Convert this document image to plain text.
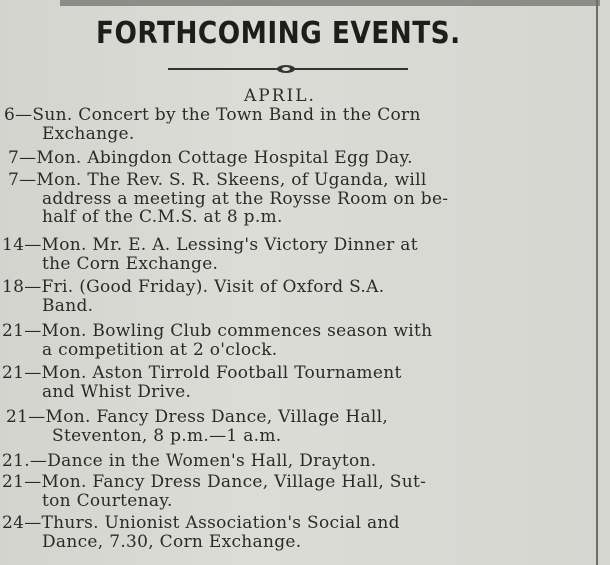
FORTHCOMING EVENTS.
APRIL.
6—Sun. Concert by the Town Band in the Corn
Exchange.
7—Mon. Abingdon Cottage Hospital Egg Day.
7—Mon. The Rev. S. R. Skeens, of Uganda, will
address a meeting at the Roysse Room on be-
half of the C.M.S. at 8 p.m.
14—Mon. Mr. E. A. Lessing's Victory Dinner at
the Corn Exchange.
18—Fri. (Good Friday). Visit of Oxford S.A.
Band.
21—Mon. Bowling Club commences season with
a competition at 2 o'clock.
21—Mon. Aston Tirrold Football Tournament
and Whist Drive.
21—Mon. Fancy Dress Dance, Village Hall,
Steventon, 8 p.m.—1 a.m.
21.—Dance in the Women's Hall, Drayton.
21—Mon. Fancy Dress Dance, Village Hall, Sut-
ton Courtenay.
24—Thurs. Unionist Association's Social and
Dance, 7.30, Corn Exchange.
